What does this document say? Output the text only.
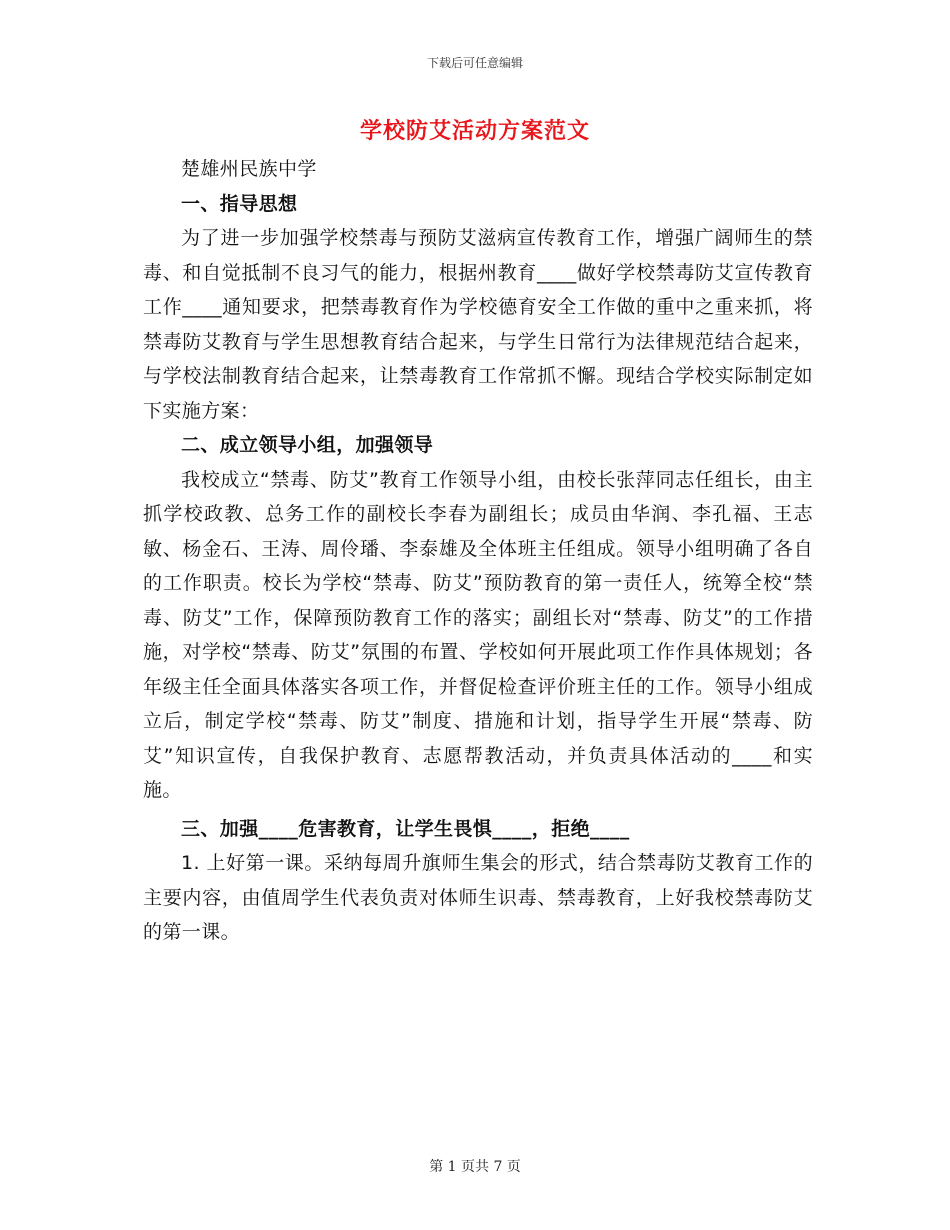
下载后可任意编辑
学校防艾活动方案范文

楚雄州民族中学

一、指导思想

为了进一步加强学校禁毒与预防艾滋病宣传教育工作，增强广阔师生的禁毒、和自觉抵制不良习气的能力，根据州教育____做好学校禁毒防艾宣传教育工作____通知要求，把禁毒教育作为学校德育安全工作做的重中之重来抓，将禁毒防艾教育与学生思想教育结合起来，与学生日常行为法律规范结合起来，与学校法制教育结合起来，让禁毒教育工作常抓不懈。现结合学校实际制定如下实施方案：

二、成立领导小组，加强领导

我校成立“禁毒、防艾”教育工作领导小组，由校长张萍同志任组长，由主抓学校政教、总务工作的副校长李春为副组长；成员由华润、李孔福、王志敏、杨金石、王涛、周伶璠、李泰雄及全体班主任组成。领导小组明确了各自的工作职责。校长为学校“禁毒、防艾”预防教育的第一责任人，统筹全校“禁毒、防艾”工作，保障预防教育工作的落实；副组长对“禁毒、防艾”的工作措施，对学校“禁毒、防艾”氛围的布置、学校如何开展此项工作作具体规划；各年级主任全面具体落实各项工作，并督促检查评价班主任的工作。领导小组成立后，制定学校“禁毒、防艾”制度、措施和计划，指导学生开展“禁毒、防艾”知识宣传，自我保护教育、志愿帮教活动，并负责具体活动的____和实施。

三、加强____危害教育，让学生畏惧____，拒绝____

1. 上好第一课。采纳每周升旗师生集会的形式，结合禁毒防艾教育工作的主要内容，由值周学生代表负责对体师生识毒、禁毒教育，上好我校禁毒防艾的第一课。

第 1 页共 7 页
